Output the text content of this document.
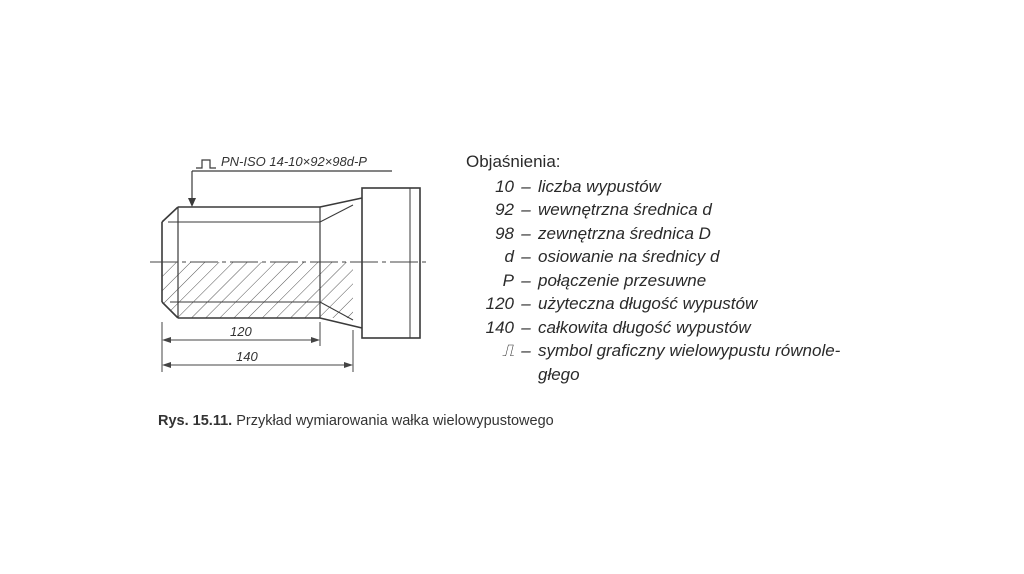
PN-ISO 14-10×92×98d-P
120
140
Objaśnienia:
10 – liczba wypustów
92 – wewnętrzna średnica d
98 – zewnętrzna średnica D
d – osiowanie na średnicy d
P – połączenie przesuwne
120 – użyteczna długość wypustów
140 – całkowita długość wypustów
⎍ – symbol graficzny wielowypustu równole-
głego
Rys. 15.11. Przykład wymiarowania wałka wielowypustowego
